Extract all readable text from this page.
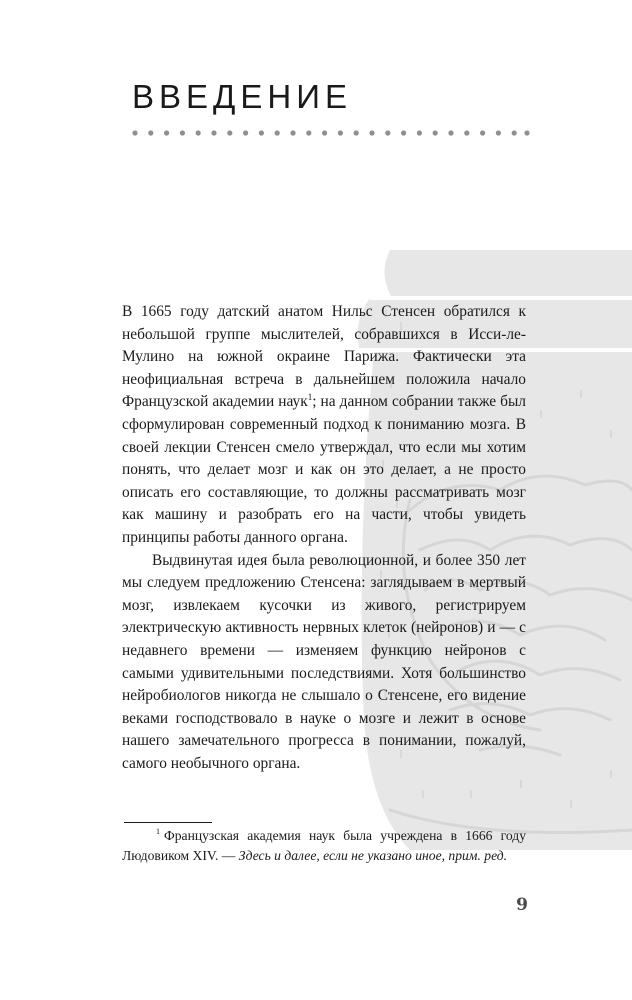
ВВЕДЕНИЕ

В 1665 году датский анатом Нильс Стенсен обратился к небольшой группе мыслителей, собравшихся в Исси-ле-Мулино на южной окраине Парижа. Фактически эта неофициальная встреча в дальнейшем положила начало Французской академии наук$^1$; на данном собрании также был сформулирован современный подход к пониманию мозга. В своей лекции Стенсен смело утверждал, что если мы хотим понять, что делает мозг и как он это делает, а не просто описать его составляющие, то должны рассматривать мозг как машину и разобрать его на части, чтобы увидеть принципы работы данного органа.

Выдвинутая идея была революционной, и более 350 лет мы следуем предложению Стенсена: заглядываем в мертвый мозг, извлекаем кусочки из живого, регистрируем электрическую активность нервных клеток (нейронов) и — с недавнего времени — изменяем функцию нейронов с самыми удивительными последствиями. Хотя большинство нейробиологов никогда не слышало о Стенсене, его видение веками господствовало в науке о мозге и лежит в основе нашего замечательного прогресса в понимании, пожалуй, самого необычного органа.

$^1$ Французская академия наук была учреждена в 1666 году Людовиком XIV. — Здесь и далее, если не указано иное, прим. ред.

9
